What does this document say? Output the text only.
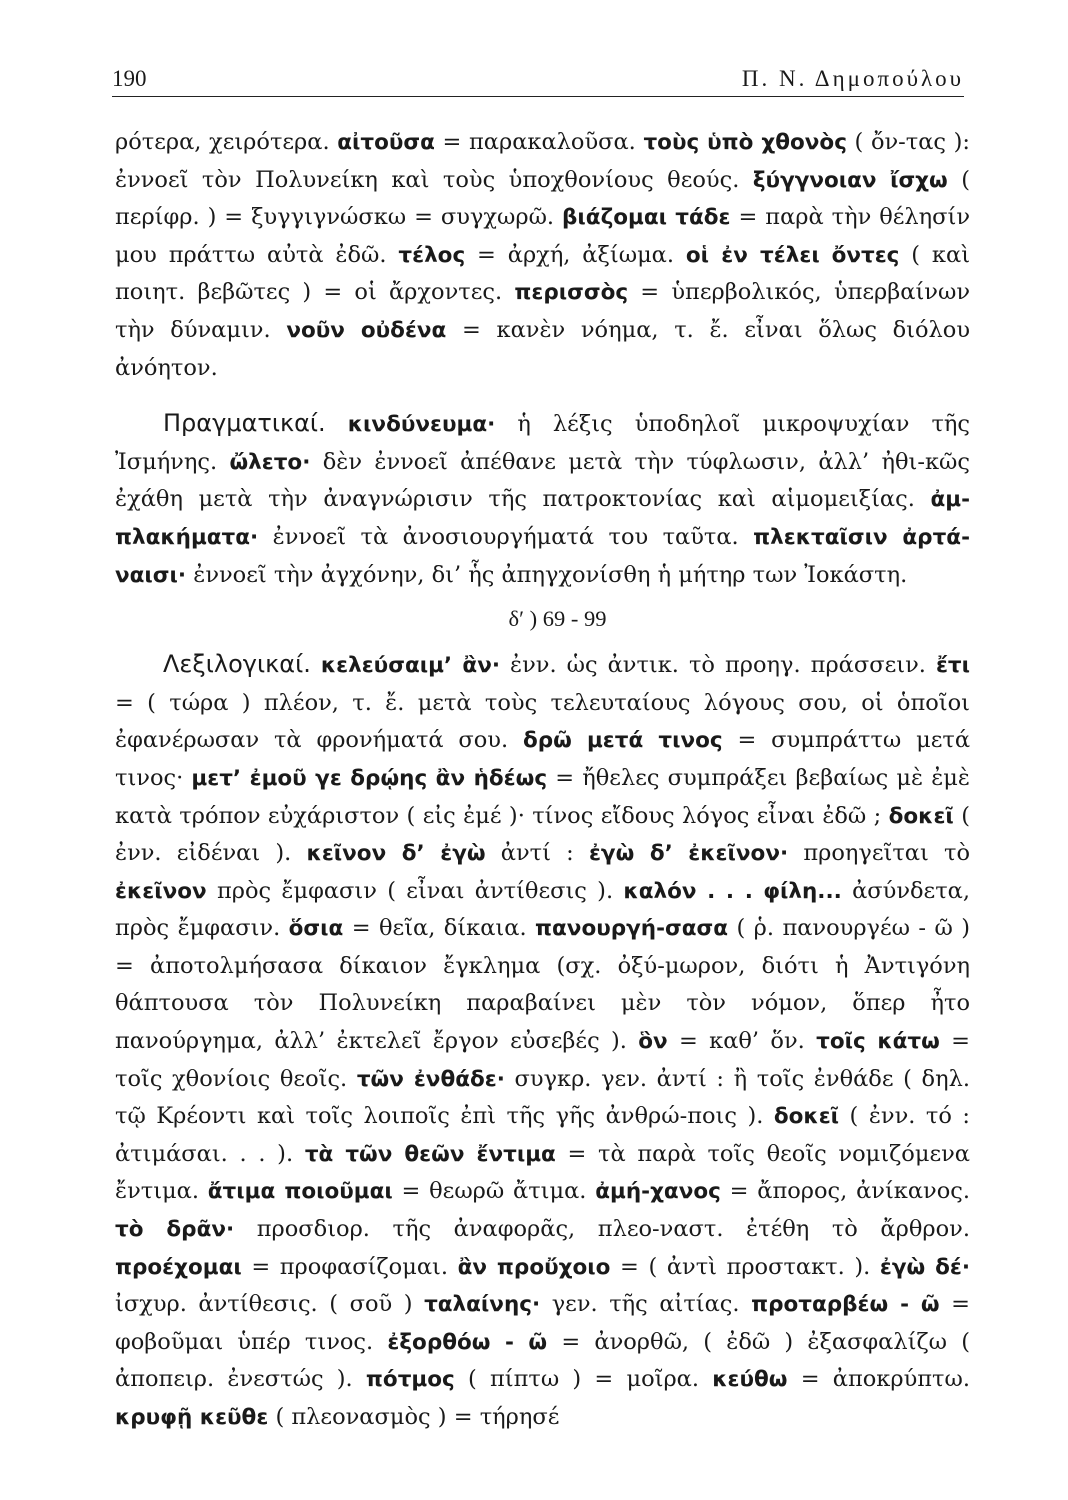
190	Π. Ν. Δημοπούλου

ρότερα, χειρότερα. αἰτοῦσα = παρακαλοῦσα. τοὺς ὑπὸ χθονὸς ( ὄν-τας ): ἐννοεῖ τὸν Πολυνείκη καὶ τοὺς ὑποχθονίους θεούς. ξύγγνοιαν ἴσχω ( περίφρ. ) = ξυγγιγνώσκω = συγχωρῶ. βιάζομαι τάδε = παρὰ τὴν θέλησίν μου πράττω αὐτὰ ἐδῶ. τέλος = ἀρχή, ἀξίωμα. οἱ ἐν τέλει ὄντες ( καὶ ποιητ. βεβῶτες ) = οἱ ἄρχοντες. περισσὸς = ὑπερβολικός, ὑπερβαίνων τὴν δύναμιν. νοῦν οὐδένα = κανὲν νόημα, τ. ἔ. εἶναι ὅλως διόλου ἀνόητον.

Πραγματικαί. κινδύνευμα· ἡ λέξις ὑποδηλοῖ μικροψυχίαν τῆς Ἰσμήνης. ὤλετο· δὲν ἐννοεῖ ἀπέθανε μετὰ τὴν τύφλωσιν, ἀλλ’ ἠθι-κῶς ἐχάθη μετὰ τὴν ἀναγνώρισιν τῆς πατροκτονίας καὶ αἱμομειξίας. ἀμ-πλακήματα· ἐννοεῖ τὰ ἀνοσιουργήματά του ταῦτα. πλεκταῖσιν ἀρτά-ναισι· ἐννοεῖ τὴν ἀγχόνην, δι’ ἧς ἀπηγχονίσθη ἡ μήτηρ των Ἰοκάστη.

δ′ ) 69 - 99

Λεξιλογικαί. κελεύσαιμ’ ἂν· ἐνν. ὡς ἀντικ. τὸ προηγ. πράσσειν. ἔτι = ( τώρα ) πλέον, τ. ἔ. μετὰ τοὺς τελευταίους λόγους σου, οἱ ὁποῖοι ἐφανέρωσαν τὰ φρονήματά σου. δρῶ μετά τινος = συμπράττω μετά τινος· μετ’ ἐμοῦ γε δρῴης ἂν ἡδέως = ἤθελες συμπράξει βεβαίως μὲ ἐμὲ κατὰ τρόπον εὐχάριστον ( εἰς ἐμέ )· τίνος εἴδους λόγος εἶναι ἐδῶ ; δοκεῖ ( ἐνν. εἰδέναι ). κεῖνον δ’ ἐγὼ ἀντί : ἐγὼ δ’ ἐκεῖνον· προηγεῖται τὸ ἐκεῖνον πρὸς ἔμφασιν ( εἶναι ἀντίθεσις ). καλόν . . . φίλη... ἀσύνδετα, πρὸς ἔμφασιν. ὅσια = θεῖα, δίκαια. πανουργή-σασα ( ῥ. πανουργέω - ῶ ) = ἀποτολμήσασα δίκαιον ἔγκλημα (σχ. ὀξύ-μωρον, διότι ἡ Ἀντιγόνη θάπτουσα τὸν Πολυνείκη παραβαίνει μὲν τὸν νόμον, ὅπερ ἦτο πανούργημα, ἀλλ’ ἐκτελεῖ ἔργον εὐσεβές ). ὃν = καθ’ ὅν. τοῖς κάτω = τοῖς χθονίοις θεοῖς. τῶν ἐνθάδε· συγκρ. γεν. ἀντί : ἢ τοῖς ἐνθάδε ( δηλ. τῷ Κρέοντι καὶ τοῖς λοιποῖς ἐπὶ τῆς γῆς ἀνθρώ-ποις ). δοκεῖ ( ἐνν. τό : ἀτιμάσαι. . . ). τὰ τῶν θεῶν ἔντιμα = τὰ παρὰ τοῖς θεοῖς νομιζόμενα ἔντιμα. ἄτιμα ποιοῦμαι = θεωρῶ ἄτιμα. ἀμή-χανος = ἄπορος, ἀνίκανος. τὸ δρᾶν· προσδιορ. τῆς ἀναφορᾶς, πλεο-ναστ. ἐτέθη τὸ ἄρθρον. προέχομαι = προφασίζομαι. ἂν προὔχοιο = ( ἀντὶ προστακτ. ). ἐγὼ δέ· ἰσχυρ. ἀντίθεσις. ( σοῦ ) ταλαίνης· γεν. τῆς αἰτίας. προταρβέω - ῶ = φοβοῦμαι ὑπέρ τινος. ἐξορθόω - ῶ = ἀνορθῶ, ( ἐδῶ ) ἐξασφαλίζω ( ἀποπειρ. ἐνεστώς ). πότμος ( πίπτω ) = μοῖρα. κεύθω = ἀποκρύπτω. κρυφῇ κεῦθε ( πλεονασμὸς ) = τήρησέ
